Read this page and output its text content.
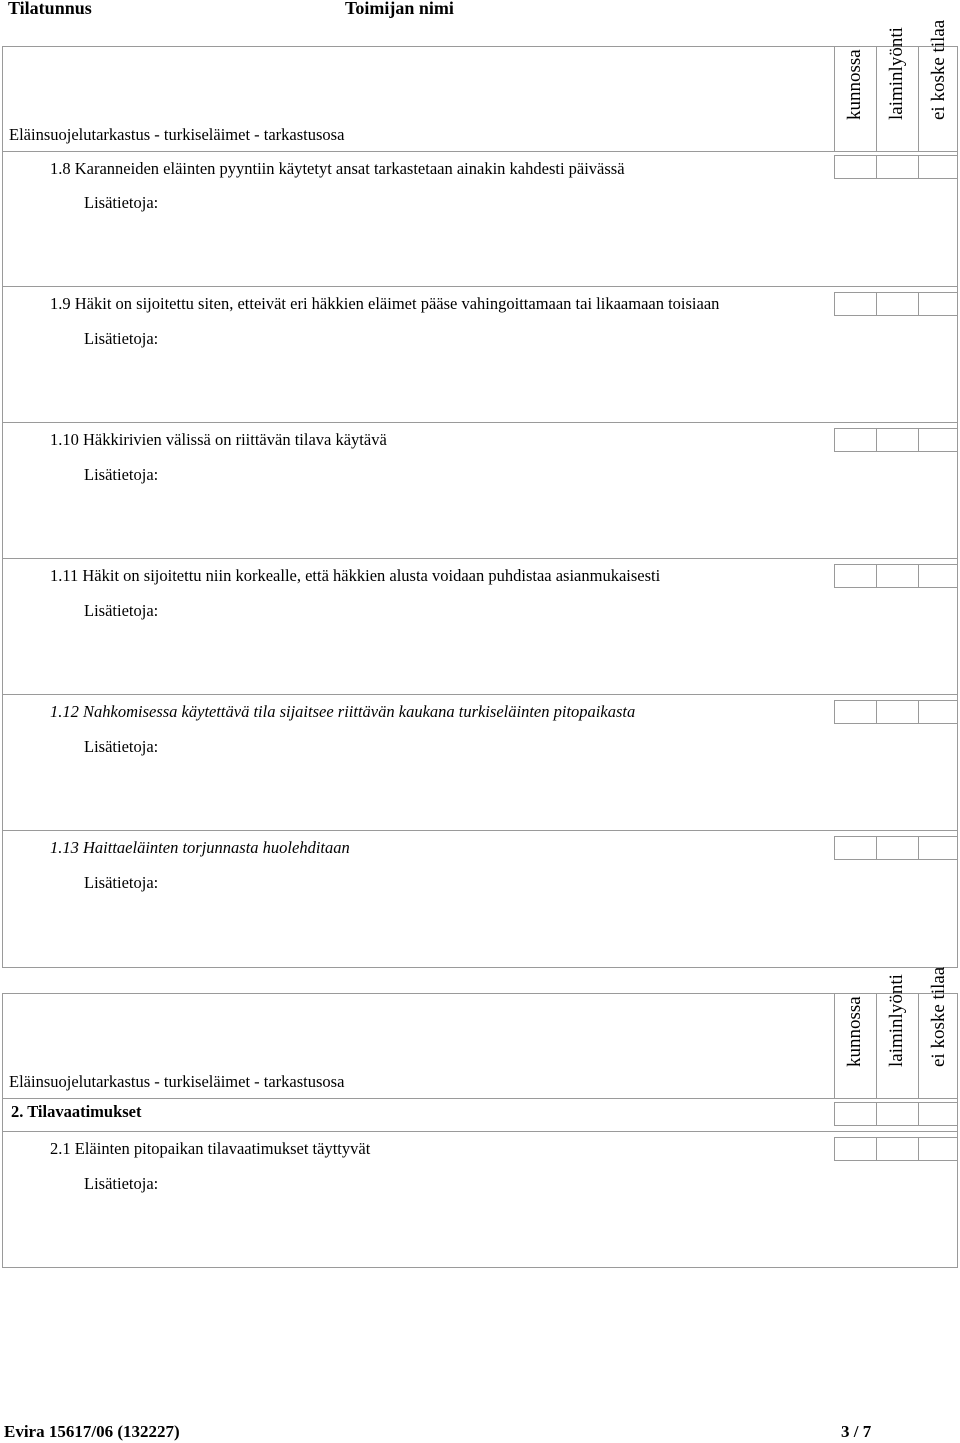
Tilatunnus	Toimijan nimi
Eläinsuojelutarkastus - turkiseläimet - tarkastusosa
kunnossa laiminlyönti ei koske tilaa
1.8 Karanneiden eläinten pyyntiin käytetyt ansat tarkastetaan ainakin kahdesti päivässä
Lisätietoja:
1.9 Häkit on sijoitettu siten, etteivät eri häkkien eläimet pääse vahingoittamaan tai likaamaan toisiaan
Lisätietoja:
1.10 Häkkirivien välissä on riittävän tilava käytävä
Lisätietoja:
1.11 Häkit on sijoitettu niin korkealle, että häkkien alusta voidaan puhdistaa asianmukaisesti
Lisätietoja:
1.12 Nahkomisessa käytettävä tila sijaitsee riittävän kaukana turkiseläinten pitopaikasta
Lisätietoja:
1.13 Haittaeläinten torjunnasta huolehditaan
Lisätietoja:
Eläinsuojelutarkastus - turkiseläimet - tarkastusosa
kunnossa laiminlyönti ei koske tilaa
2. Tilavaatimukset
2.1 Eläinten pitopaikan tilavaatimukset täyttyvät
Lisätietoja:
Evira 15617/06 (132227)	3 / 7
